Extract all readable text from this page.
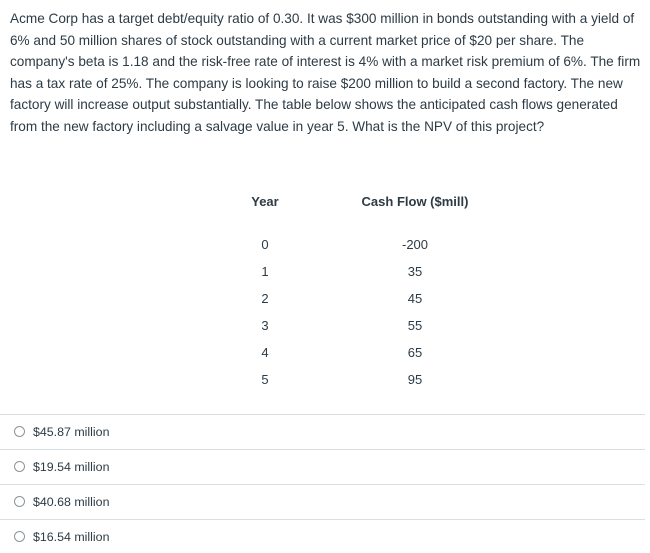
Acme Corp has a target debt/equity ratio of 0.30. It was $300 million in bonds outstanding with a yield of 6% and 50 million shares of stock outstanding with a current market price of $20 per share. The company's beta is 1.18 and the risk-free rate of interest is 4% with a market risk premium of 6%. The firm has a tax rate of 25%. The company is looking to raise $200 million to build a second factory. The new factory will increase output substantially. The table below shows the anticipated cash flows generated from the new factory including a salvage value in year 5. What is the NPV of this project?

Year	Cash Flow ($mill)

0	-200
1	35
2	45
3	55
4	65
5	95
$45.87 million
$19.54 million
$40.68 million
$16.54 million
